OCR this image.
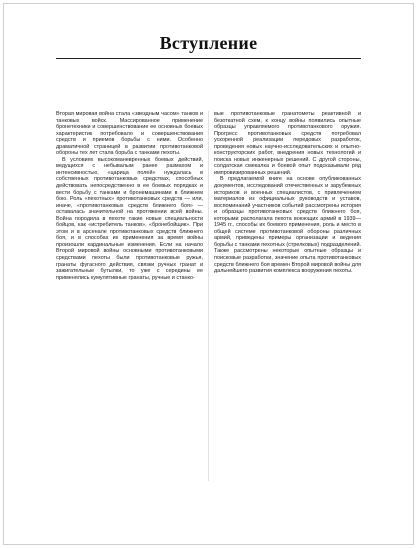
Вступление

Вторая мировая война стала «звездным часом» танков и танковых войск. Массированное применение бронетехники и совершенствование ее основных боевых характеристик потребовало и совершенствования средств и приемов борьбы с ними. Особенно драматичной страницей в развитии противотанковой обороны тех лет стала борьба с танками пехоты.

В условиях высокоманевренных боевых действий, ведущихся с небывалым ранее размахом и интенсивностью, «царица полей» нуждалась в собственных противотанковых средствах, способных действовать непосредственно в ее боевых порядках и вести борьбу с танками и бронемашинами в ближнем бою. Роль «пехотных» противотанковых средств — или, иначе, «противотанковых средств ближнего боя» — оставалась значительной на протяжении всей войны. Война породила в пехоте такие новые специальности бойцов, как «истребитель танков», «бронебойщик». При этом и в арсенале противотанковых средств ближнего боя, и в способах их применения за время войны произошли кардинальные изменения. Если на начало Второй мировой войны основными противотанковыми средствами пехоты были противотанковые ружья, гранаты фугасного действия, связки ручных гранат и зажигательные бутылки, то уже с середины ее применялись кумулятивные гранаты, ручные и станко-

вые противотанковые гранатометы реактивной и безоткатной схем, к концу войны появились опытные образцы управляемого противотанкового оружия. Прогресс противотанковых средств потребовал ускоренной реализации передовых разработок, проведения новых научно-исследовательских и опытно-конструкторских работ, внедрения новых технологий и поиска новых инженерных решений. С другой стороны, солдатская смекалка и боевой опыт подсказывали ряд импровизированных решений.

В предлагаемой книге на основе опубликованных документов, исследований отечественных и зарубежных историков и военных специалистов, с привлечением материалов из официальных руководств и уставов, воспоминаний участников событий рассмотрены история и образцы противотанковых средств ближнего боя, которыми располагала пехота воюющих армий в 1939—1945 гг., способы их боевого применения, роль и место в общей системе противотанковой обороны различных армий, приведены примеры организации и ведения борьбы с танками пехотных (стрелковых) подразделений. Также рассмотрены некоторые опытные образцы и поисковые разработки, значение опыта противотанковых средств ближнего боя времен Второй мировой войны для дальнейшего развития комплекса вооружения пехоты.
